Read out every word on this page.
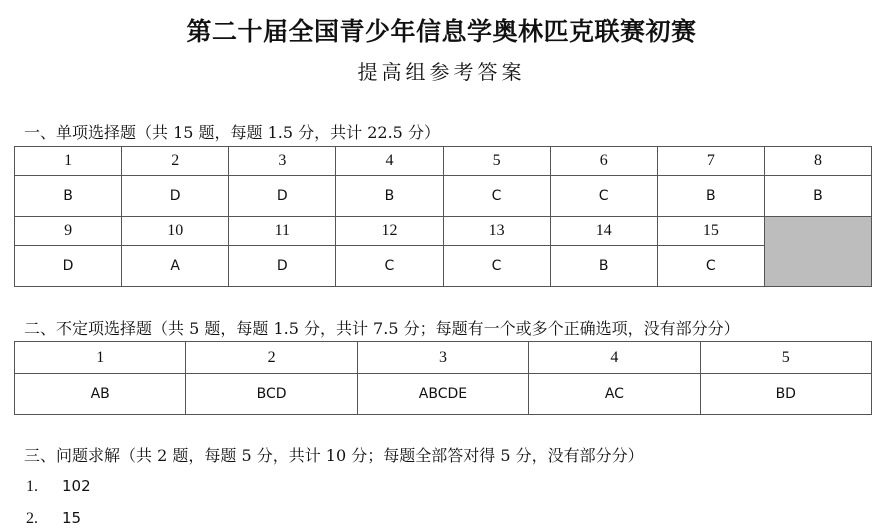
第二十届全国青少年信息学奥林匹克联赛初赛
提高组参考答案
一、单项选择题（共 15 题，每题 1.5 分，共计 22.5 分）
1	2	3	4	5	6	7	8
B	D	D	B	C	C	B	B
9	10	11	12	13	14	15	
D	A	D	C	C	B	C	
二、不定项选择题（共 5 题，每题 1.5 分，共计 7.5 分；每题有一个或多个正确选项，没有部分分）
1	2	3	4	5
AB	BCD	ABCDE	AC	BD
三、问题求解（共 2 题，每题 5 分，共计 10 分；每题全部答对得 5 分，没有部分分）
1. 102
2. 15
